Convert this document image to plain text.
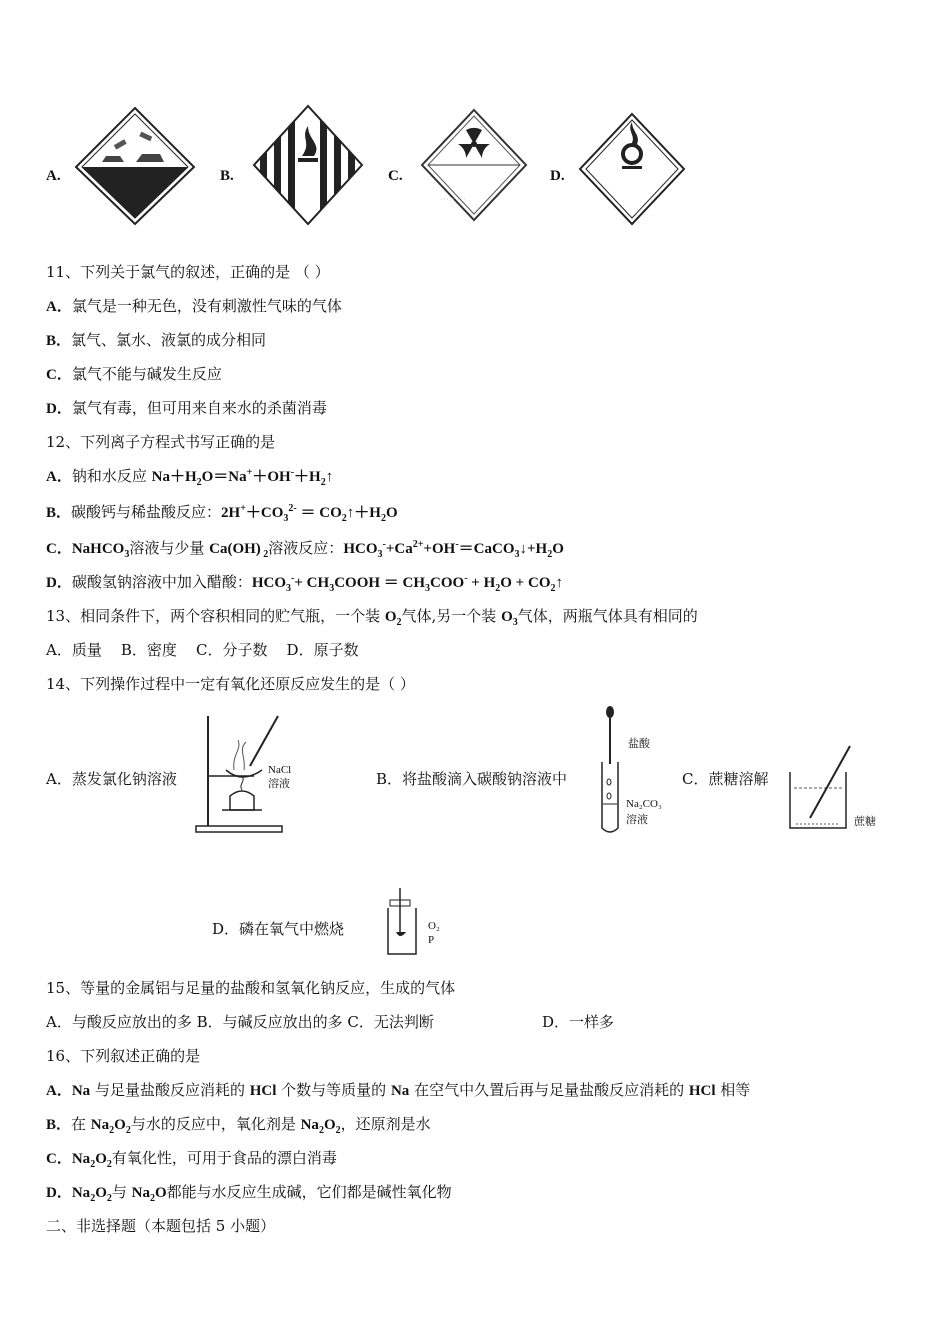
A.	B.	C.
··· · · ·
D.
11、下列关于氯气的叙述，正确的是 （ ）
A．氯气是一种无色，没有刺激性气味的气体
B．氯气、氯水、液氯的成分相同
C．氯气不能与碱发生反应
D．氯气有毒，但可用来自来水的杀菌消毒
12、下列离子方程式书写正确的是
A．钠和水反应 $Na+H_2O=Na^++OH^-+H_2↑$
B．碳酸钙与稀盐酸反应：$2H^++CO_3^{2-}$ ＝ $CO_2↑+H_2O$
C．NaHCO$_3$溶液与少量 Ca(OH) $_2$溶液反应：$HCO_3^-+Ca^{2+}+OH^-=CaCO_3↓+H_2O$
D．碳酸氢钠溶液中加入醋酸：$HCO_3^-+$ $CH_3COOH = CH_3COO^- + H_2O$ + $CO_2↑$
13、相同条件下，两个容积相同的贮气瓶，一个装 $O_2$气体,另一个装 $O_3$气体，两瓶气体具有相同的
A．质量    B．密度    C．分子数    D．原子数
14、下列操作过程中一定有氧化还原反应发生的是（ ）
A．蒸发氯化钠溶液	NaCl
溶液	B．将盐酸滴入碳酸钠溶液中
盐酸
Na₂CO₃
溶液
C．蔗糖溶解
蔗糖
D．磷在氧气中燃烧	O₂
P
15、等量的金属铝与足量的盐酸和氢氧化钠反应，生成的气体
A．与酸反应放出的多 B．与碱反应放出的多 C．无法判断	D．一样多
16、下列叙述正确的是
A．Na 与足量盐酸反应消耗的 HCl 个数与等质量的 Na 在空气中久置后再与足量盐酸反应消耗的 HCl 相等
B．在 $Na_2O_2$与水的反应中，氧化剂是 $Na_2O_2$，还原剂是水
C．$Na_2O_2$有氧化性，可用于食品的漂白消毒
D．$Na_2O_2$与 $Na_2O$都能与水反应生成碱，它们都是碱性氧化物
二、非选择题（本题包括 5 小题）
